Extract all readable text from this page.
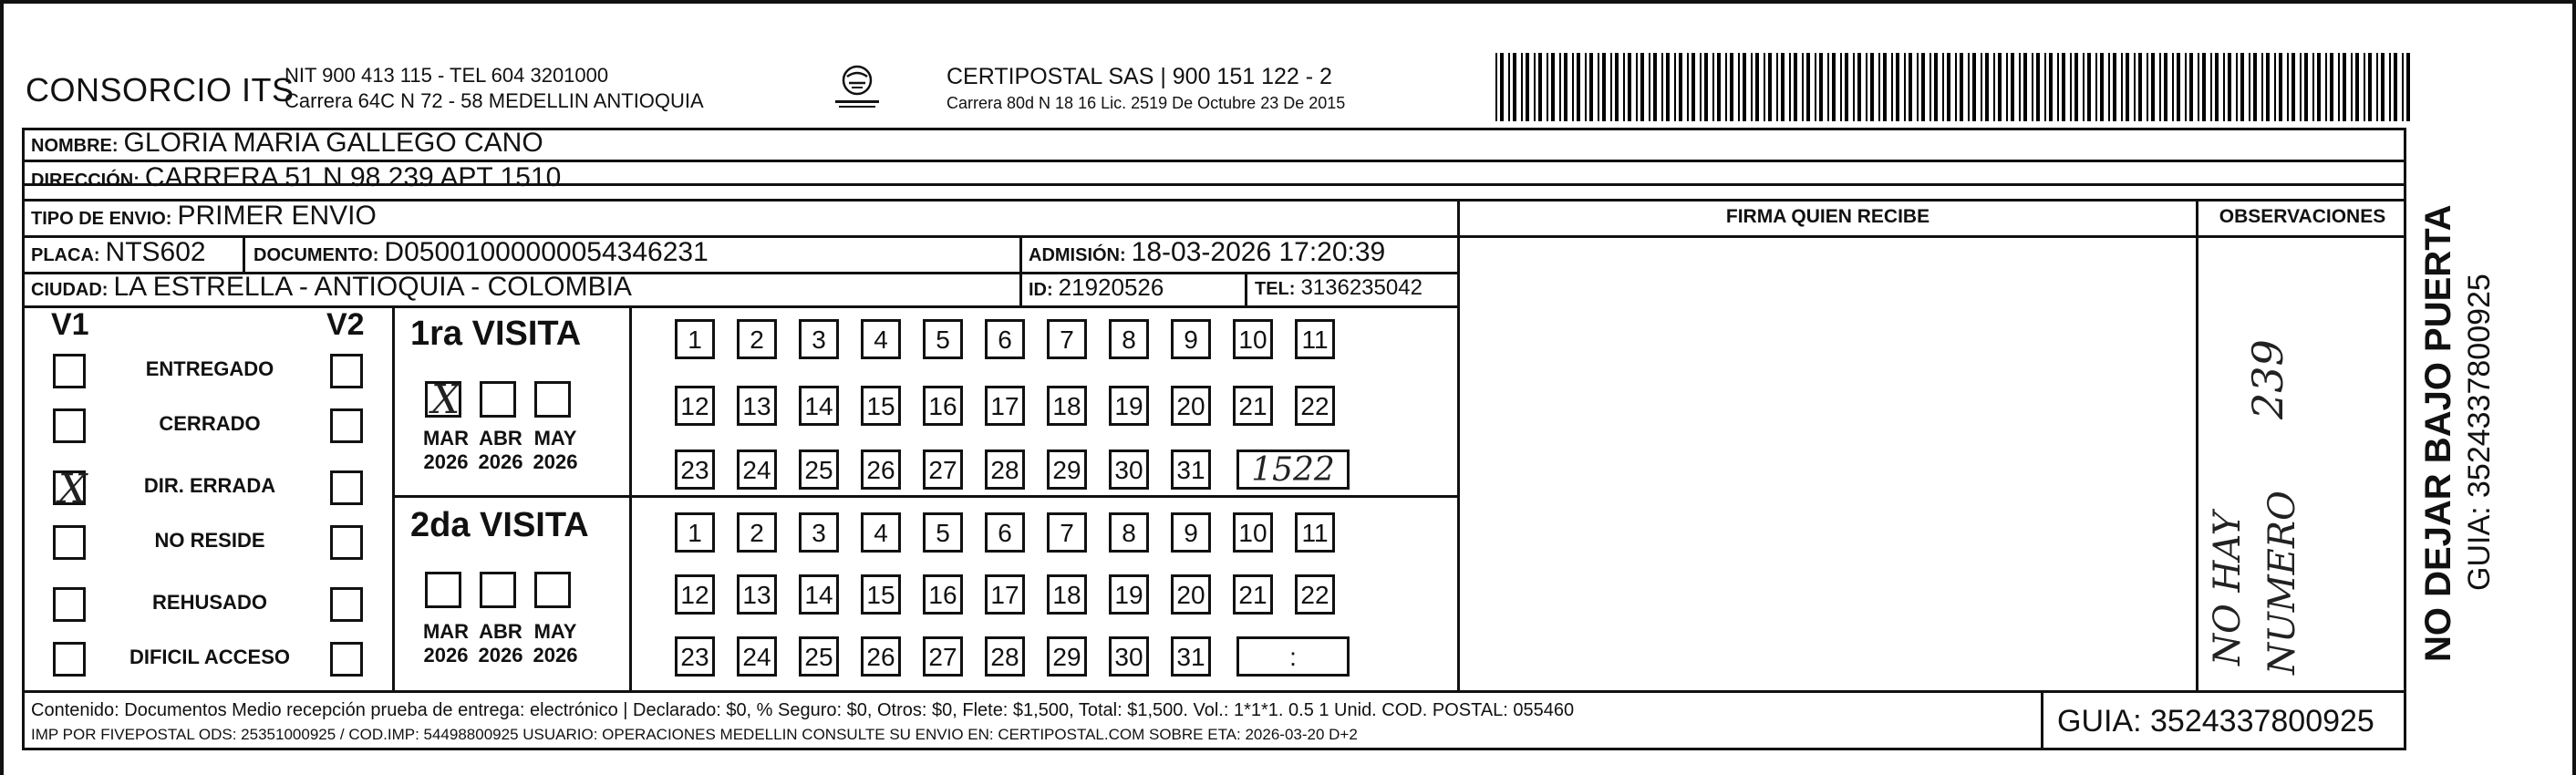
CONSORCIO ITS
NIT 900 413 115 - TEL 604 3201000
Carrera 64C N 72 - 58 MEDELLIN ANTIOQUIA
CERTIPOSTAL SAS | 900 151 122 - 2
Carrera 80d N 18 16 Lic. 2519 De Octubre 23 De 2015
NOMBRE: GLORIA MARIA GALLEGO CANO
DIRECCIÓN: CARRERA 51 N 98 239 APT 1510
TIPO DE ENVIO: PRIMER ENVIO
PLACA: NTS602	DOCUMENTO: D05001000000054346231	ADMISIÓN: 18-03-2026 17:20:39
CIUDAD: LA ESTRELLA - ANTIOQUIA - COLOMBIA	ID: 21920526	TEL: 3136235042
FIRMA QUIEN RECIBE	OBSERVACIONES
V1	V2
ENTREGADO
CERRADO
X	DIR. ERRADA
NO RESIDE
REHUSADO
DIFICIL ACCESO
1ra VISITA
2da VISITA
X
MAR
2026
ABR
2026
MAY
2026
MAR
2026
ABR
2026
MAY
2026
1	2	3	4	5	6	7	8	9	10 11
12 13 14 15 16 17 18 19 20 21 22
23 24 25 26 27 28 29 30 31	1522
1	2	3	4	5	6	7	8	9	10 11
12 13 14 15 16 17 18 19 20 21 22
23 24 25 26 27 28 29 30 31	:
239
NO HAY NUMERO	NO DEJAR BAJO PUERTA GUIA: 3524337800925
Contenido: Documentos Medio recepción prueba de entrega: electrónico | Declarado: $0, % Seguro: $0, Otros: $0, Flete: $1,500, Total: $1,500. Vol.: 1*1*1. 0.5 1 Unid. COD. POSTAL: 055460
IMP POR FIVEPOSTAL ODS: 25351000925 / COD.IMP: 54498800925 USUARIO: OPERACIONES MEDELLIN CONSULTE SU ENVIO EN: CERTIPOSTAL.COM SOBRE ETA: 2026-03-20 D+2	GUIA: 3524337800925
